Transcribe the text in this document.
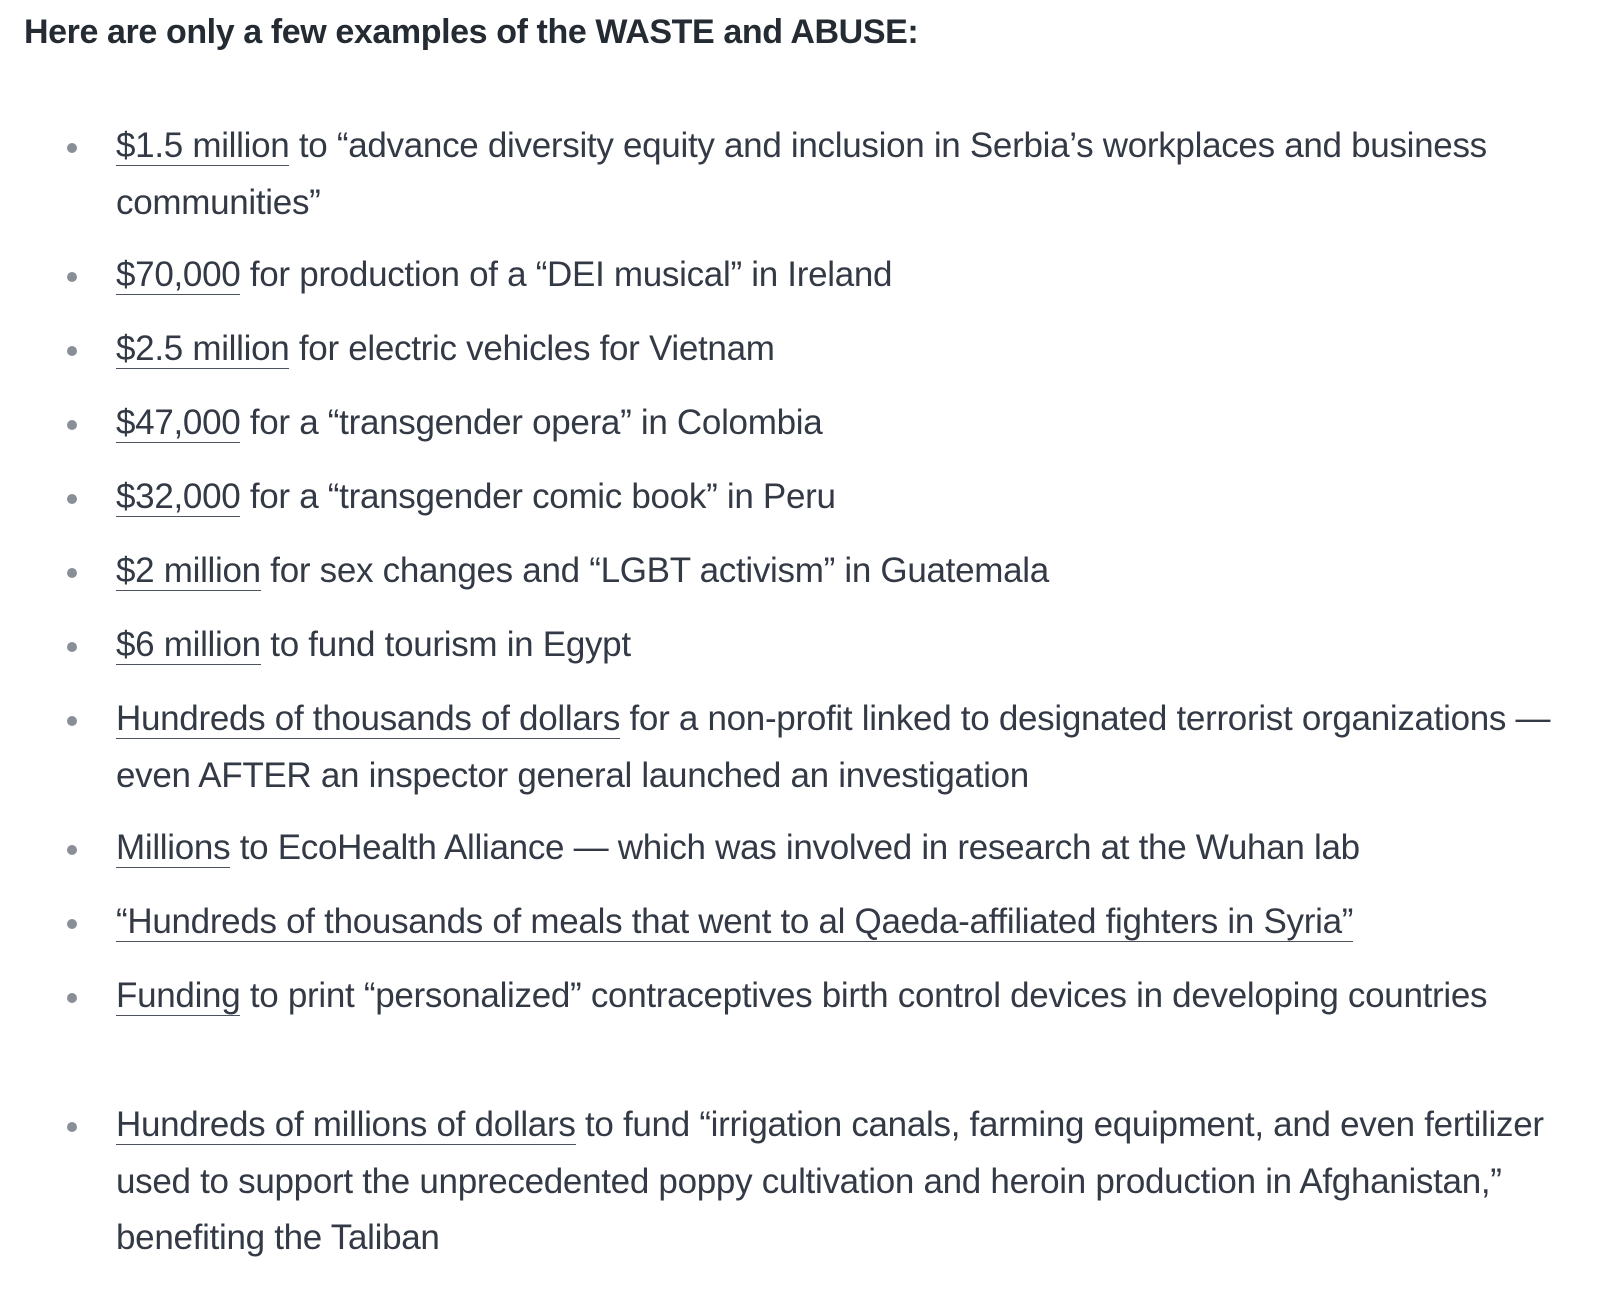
Here are only a few examples of the WASTE and ABUSE:
$1.5 million to “advance diversity equity and inclusion in Serbia’s workplaces and business communities”
$70,000 for production of a “DEI musical” in Ireland
$2.5 million for electric vehicles for Vietnam
$47,000 for a “transgender opera” in Colombia
$32,000 for a “transgender comic book” in Peru
$2 million for sex changes and “LGBT activism” in Guatemala
$6 million to fund tourism in Egypt
Hundreds of thousands of dollars for a non-profit linked to designated terrorist organizations — even AFTER an inspector general launched an investigation
Millions to EcoHealth Alliance — which was involved in research at the Wuhan lab
“Hundreds of thousands of meals that went to al Qaeda-affiliated fighters in Syria”
Funding to print “personalized” contraceptives birth control devices in developing countries
Hundreds of millions of dollars to fund “irrigation canals, farming equipment, and even fertilizer used to support the unprecedented poppy cultivation and heroin production in Afghanistan,” benefiting the Taliban
